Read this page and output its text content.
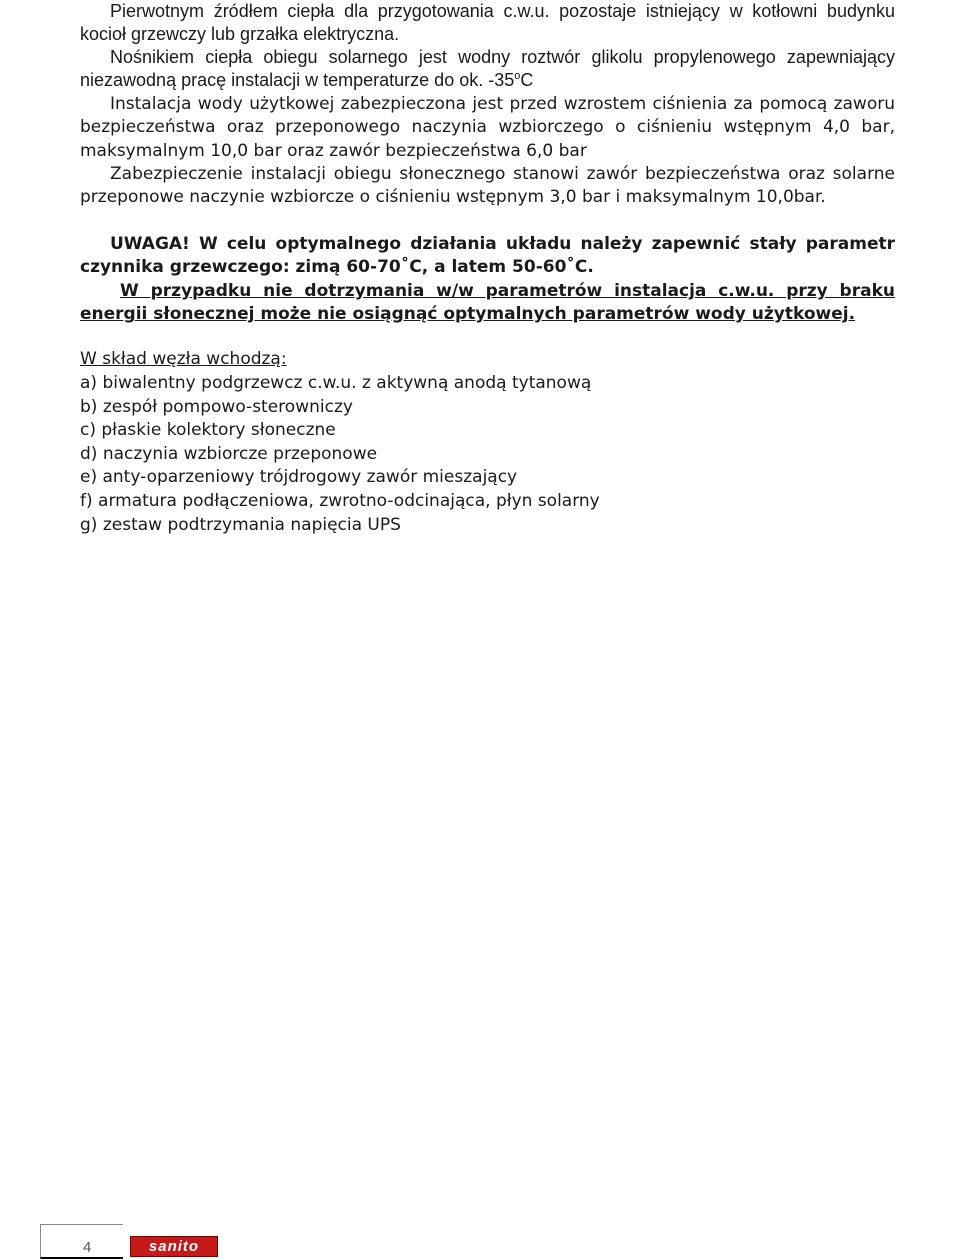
Pierwotnym źródłem ciepła dla przygotowania c.w.u. pozostaje istniejący w kotłowni budynku kocioł grzewczy lub grzałka elektryczna.

Nośnikiem ciepła obiegu solarnego jest wodny roztwór glikolu propylenowego zapewniający niezawodną pracę instalacji w temperaturze do ok. -35$^o$C

Instalacja wody użytkowej zabezpieczona jest przed wzrostem ciśnienia za pomocą zaworu bezpieczeństwa oraz przeponowego naczynia wzbiorczego o ciśnieniu wstępnym 4,0 bar, maksymalnym 10,0 bar oraz zawór bezpieczeństwa 6,0 bar

Zabezpieczenie instalacji obiegu słonecznego stanowi zawór bezpieczeństwa oraz solarne przeponowe naczynie wzbiorcze o ciśnieniu wstępnym 3,0 bar i maksymalnym 10,0bar.

UWAGA! W celu optymalnego działania układu należy zapewnić stały parametr czynnika grzewczego: zimą 60-70˚C, a latem 50-60˚C.

W przypadku nie dotrzymania w/w parametrów instalacja c.w.u. przy braku energii słonecznej może nie osiągnąć optymalnych parametrów wody użytkowej.

W skład węzła wchodzą:
a) biwalentny podgrzewcz c.w.u. z aktywną anodą tytanową
b) zespół pompowo-sterowniczy
c) płaskie kolektory słoneczne
d) naczynia wzbiorcze przeponowe
e) anty-oparzeniowy trójdrogowy zawór mieszający
f) armatura podłączeniowa, zwrotno-odcinająca, płyn solarny
g) zestaw podtrzymania napięcia UPS
4	sanito
